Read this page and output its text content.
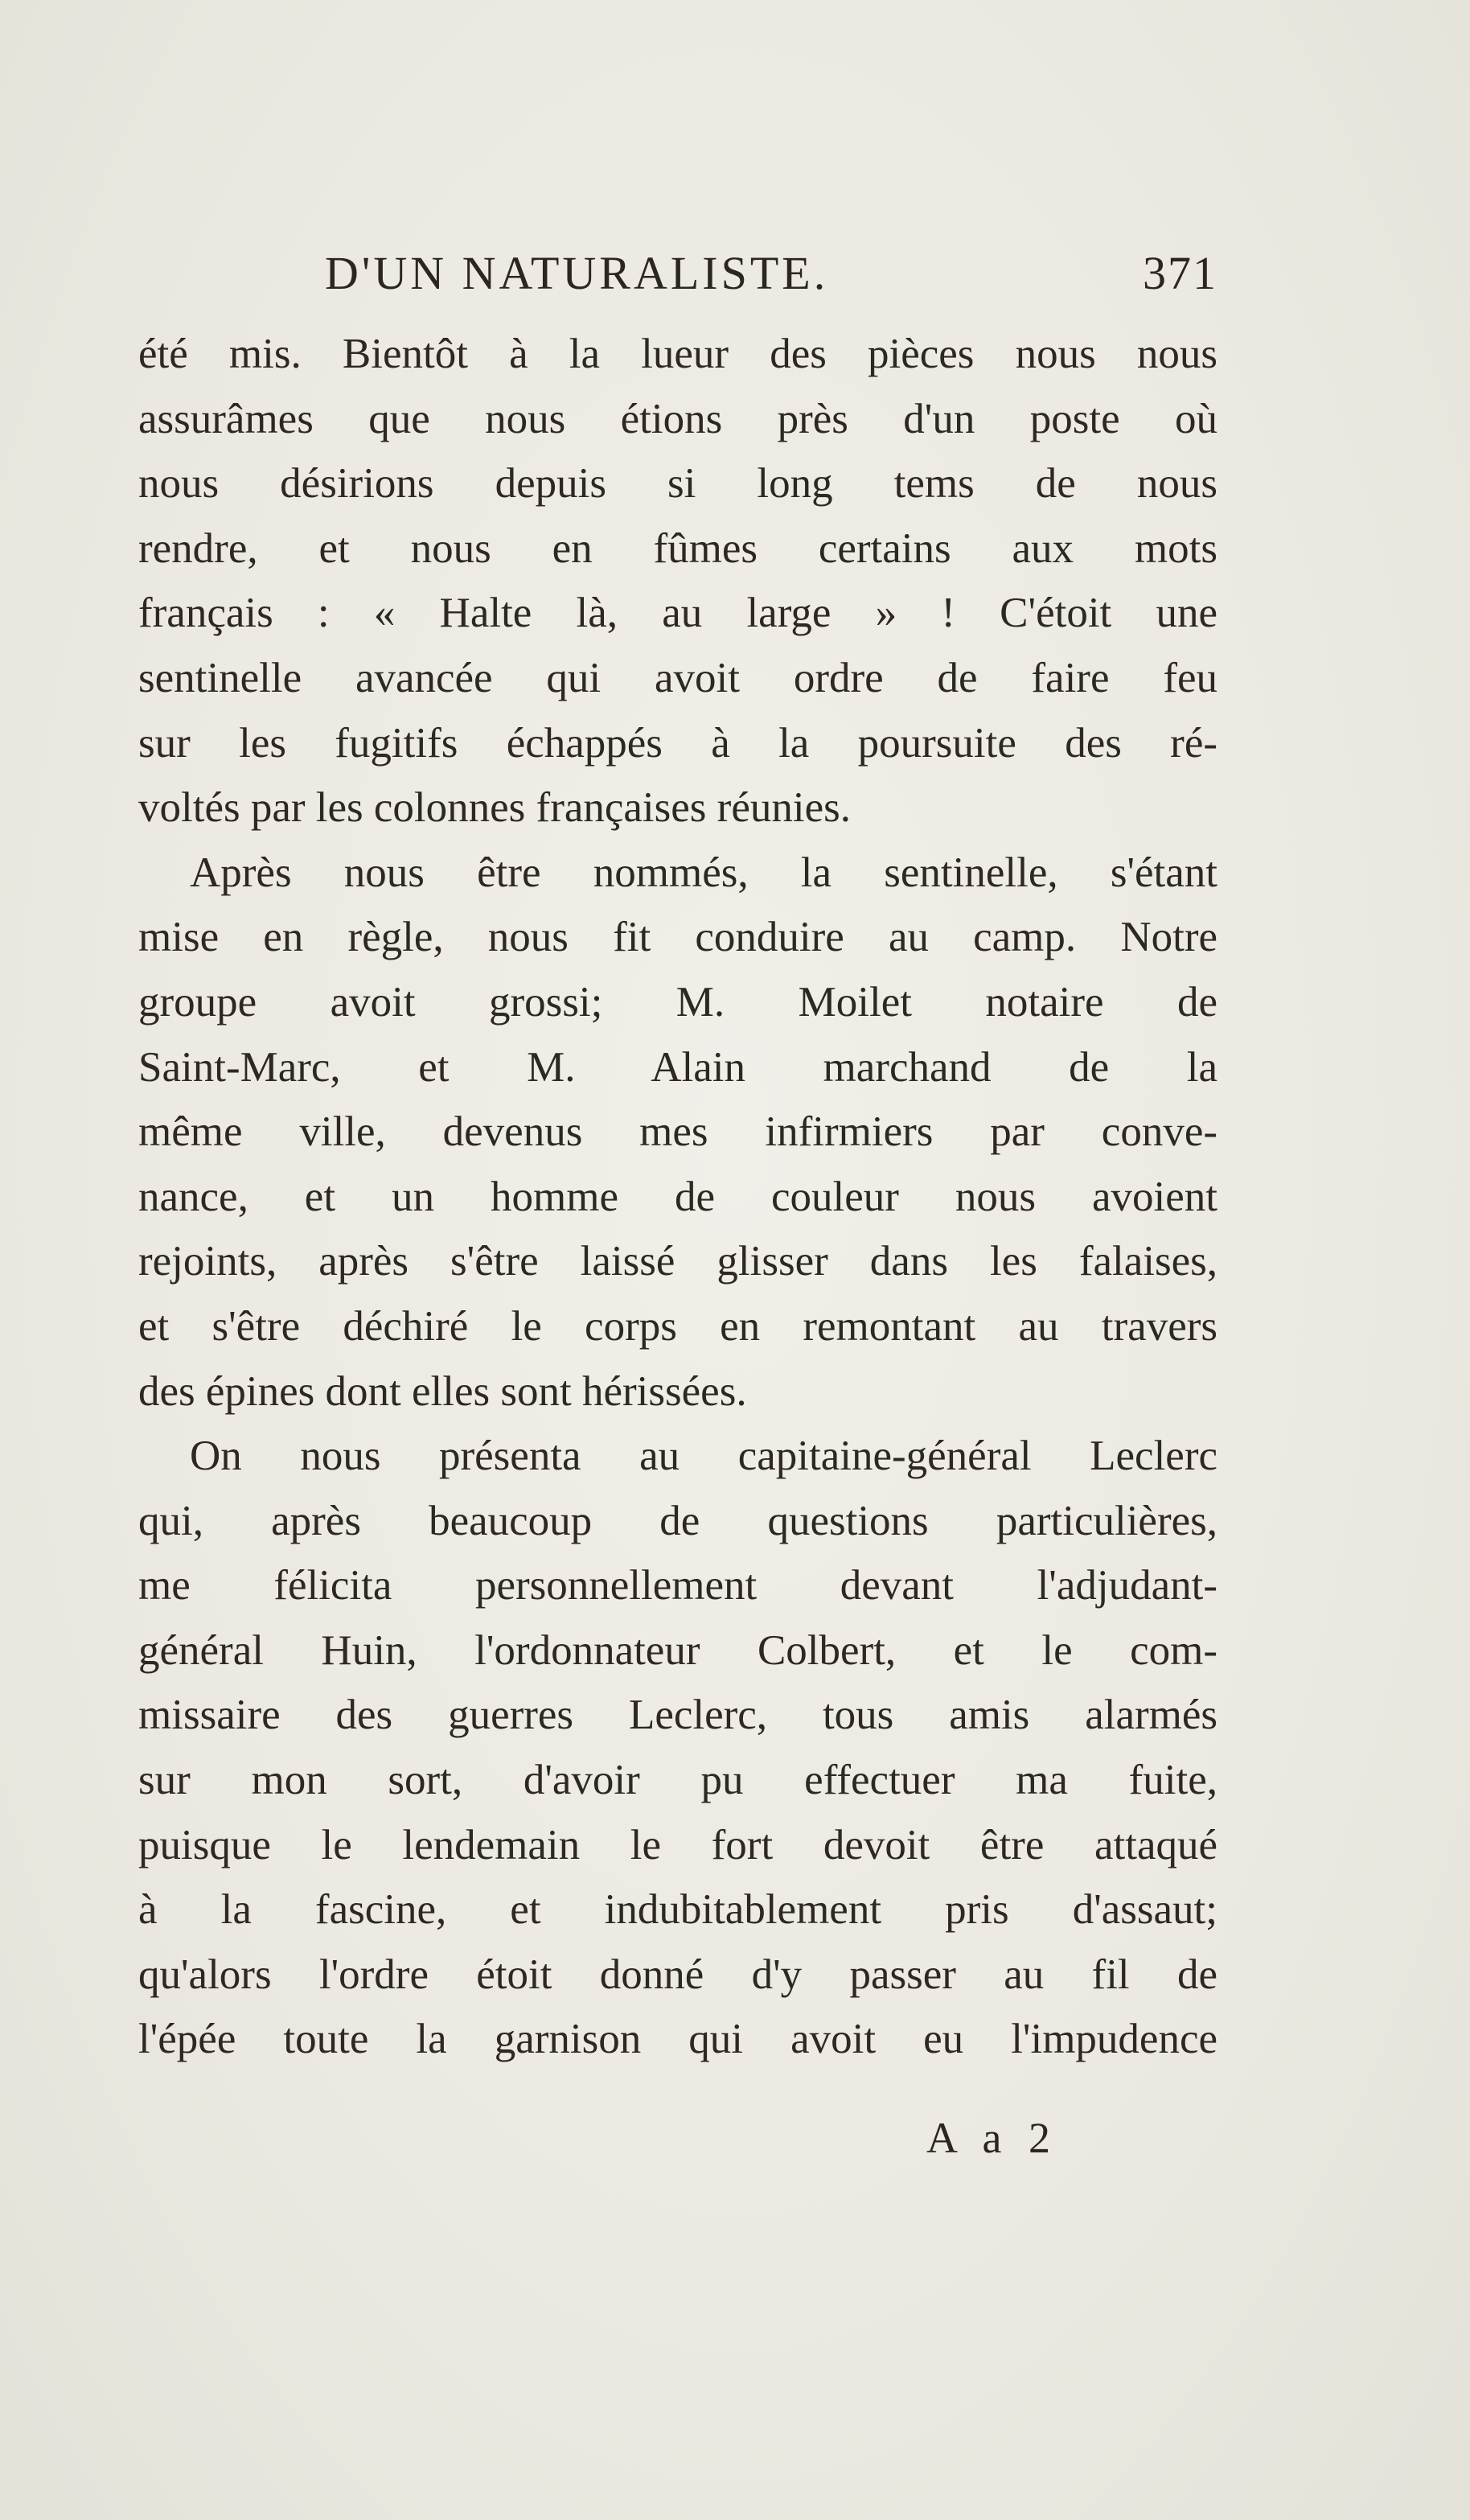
D'UN NATURALISTE.	371
été mis. Bientôt à la lueur des pièces nous nous
assurâmes que nous étions près d'un poste où
nous désirions depuis si long tems de nous
rendre, et nous en fûmes certains aux mots
français : « Halte là, au large » ! C'étoit une
sentinelle avancée qui avoit ordre de faire feu
sur les fugitifs échappés à la poursuite des ré-
voltés par les colonnes françaises réunies.
Après nous être nommés, la sentinelle, s'étant
mise en règle, nous fit conduire au camp. Notre
groupe avoit grossi; M. Moilet notaire de
Saint-Marc, et M. Alain marchand de la
même ville, devenus mes infirmiers par conve-
nance, et un homme de couleur nous avoient
rejoints, après s'être laissé glisser dans les falaises,
et s'être déchiré le corps en remontant au travers
des épines dont elles sont hérissées.
On nous présenta au capitaine-général Leclerc
qui, après beaucoup de questions particulières,
me félicita personnellement devant l'adjudant-
général Huin, l'ordonnateur Colbert, et le com-
missaire des guerres Leclerc, tous amis alarmés
sur mon sort, d'avoir pu effectuer ma fuite,
puisque le lendemain le fort devoit être attaqué
à la fascine, et indubitablement pris d'assaut;
qu'alors l'ordre étoit donné d'y passer au fil de
l'épée toute la garnison qui avoit eu l'impudence
A a 2
